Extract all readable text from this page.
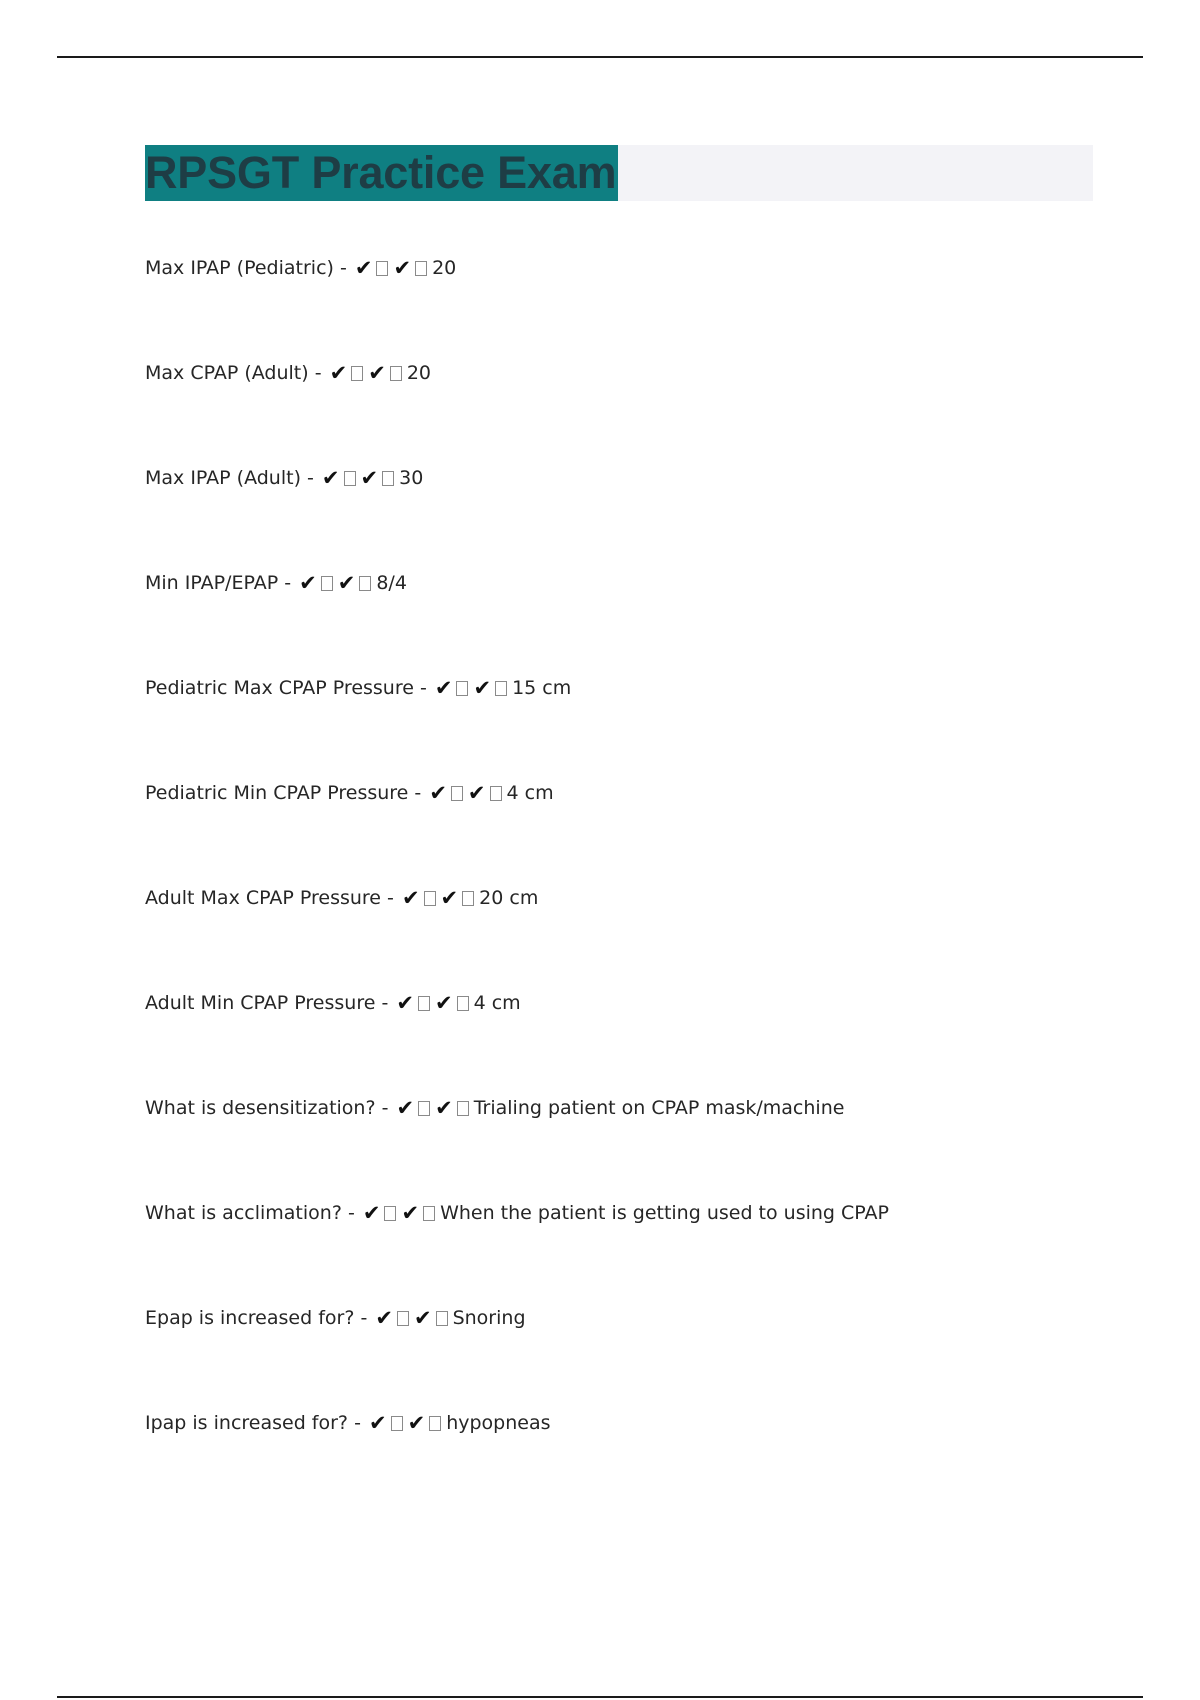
RPSGT Practice Exam
Max IPAP (Pediatric) - ✔ ✔ 20
Max CPAP (Adult) - ✔ ✔ 20
Max IPAP (Adult) - ✔ ✔ 30
Min IPAP/EPAP - ✔ ✔ 8/4
Pediatric Max CPAP Pressure - ✔ ✔ 15 cm
Pediatric Min CPAP Pressure - ✔ ✔ 4 cm
Adult Max CPAP Pressure - ✔ ✔ 20 cm
Adult Min CPAP Pressure - ✔ ✔ 4 cm
What is desensitization? - ✔ ✔ Trialing patient on CPAP mask/machine
What is acclimation? - ✔ ✔ When the patient is getting used to using CPAP
Epap is increased for? - ✔ ✔ Snoring
Ipap is increased for? - ✔ ✔ hypopneas
